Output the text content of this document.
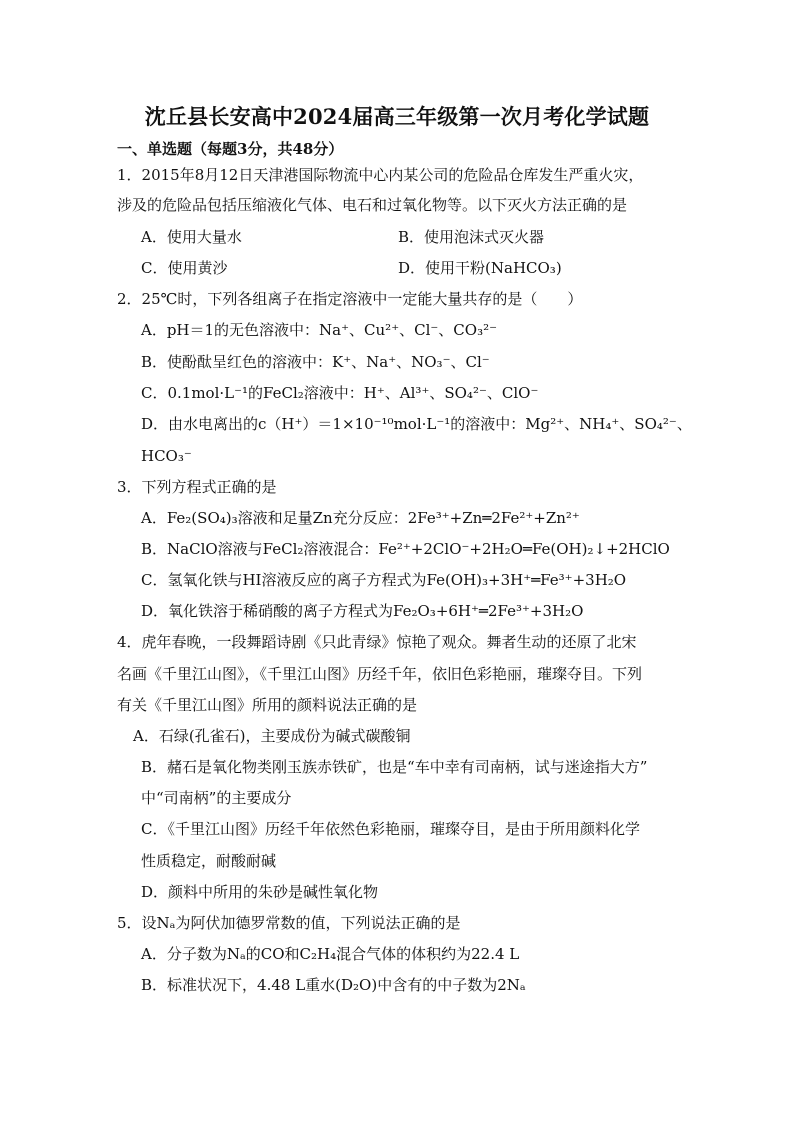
沈丘县长安高中2024届高三年级第一次月考化学试题
一、单选题（每题3分，共48分）
1．2015年8月12日天津港国际物流中心内某公司的危险品仓库发生严重火灾，
涉及的危险品包括压缩液化气体、电石和过氧化物等。以下灭火方法正确的是
A．使用大量水	B．使用泡沫式灭火器
C．使用黄沙	D．使用干粉(NaHCO₃)
2．25℃时，下列各组离子在指定溶液中一定能大量共存的是（　　）
A．pH＝1的无色溶液中：Na⁺、Cu²⁺、Cl⁻、CO₃²⁻
B．使酚酞呈红色的溶液中：K⁺、Na⁺、NO₃⁻、Cl⁻
C．0.1mol·L⁻¹的FeCl₂溶液中：H⁺、Al³⁺、SO₄²⁻、ClO⁻
D．由水电离出的c（H⁺）＝1×10⁻¹⁰mol·L⁻¹的溶液中：Mg²⁺、NH₄⁺、SO₄²⁻、
HCO₃⁻
3．下列方程式正确的是
A．Fe₂(SO₄)₃溶液和足量Zn充分反应：2Fe³⁺+Zn═2Fe²⁺+Zn²⁺
B．NaClO溶液与FeCl₂溶液混合：Fe²⁺+2ClO⁻+2H₂O═Fe(OH)₂↓+2HClO
C．氢氧化铁与HI溶液反应的离子方程式为Fe(OH)₃+3H⁺═Fe³⁺+3H₂O
D．氧化铁溶于稀硝酸的离子方程式为Fe₂O₃+6H⁺═2Fe³⁺+3H₂O
4．虎年春晚，一段舞蹈诗剧《只此青绿》惊艳了观众。舞者生动的还原了北宋
名画《千里江山图》，《千里江山图》历经千年，依旧色彩艳丽，璀璨夺目。下列
有关《千里江山图》所用的颜料说法正确的是
A．石绿(孔雀石)，主要成份为碱式碳酸铜
B．赭石是氧化物类刚玉族赤铁矿，也是“车中幸有司南柄，试与迷途指大方”
中“司南柄”的主要成分
C．《千里江山图》历经千年依然色彩艳丽，璀璨夺目，是由于所用颜料化学
性质稳定，耐酸耐碱
D．颜料中所用的朱砂是碱性氧化物
5．设Nₐ为阿伏加德罗常数的值，下列说法正确的是
A．分子数为Nₐ的CO和C₂H₄混合气体的体积约为22.4 L
B．标准状况下，4.48 L重水(D₂O)中含有的中子数为2Nₐ
